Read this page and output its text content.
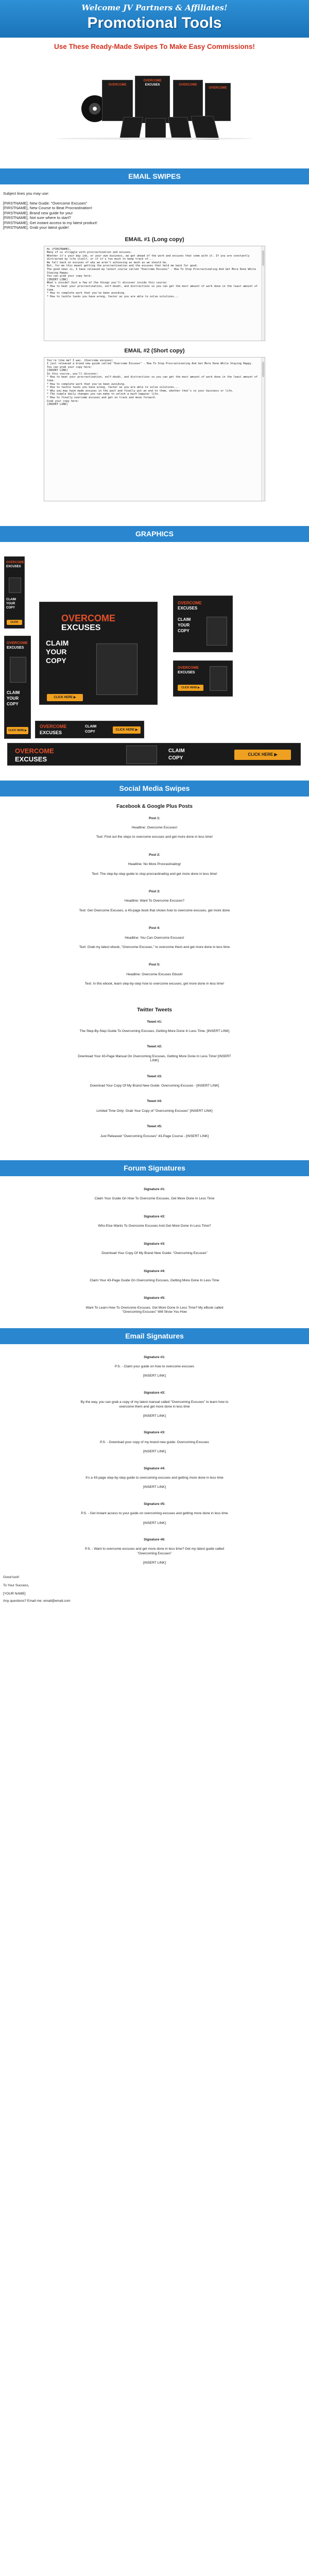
Welcome JV Partners & Affiliates!
Promotional Tools
Use These Ready-Made Swipes To Make Easy Commissions!
OVERCOME
OVERCOME
EXCUSES	OVERCOME
OVERCOME
EMAIL SWIPES
Subject lines you may use:
[FIRSTNAME], New Guide: "Overcome Excuses"
[FIRSTNAME], New Course to Beat Procrastination!
[FIRSTNAME], Brand new guide for you!
[FIRSTNAME], Not sure where to start?
[FIRSTNAME], Get instant access to my latest product!
[FIRSTNAME], Grab your latest guide!
EMAIL #1 (Long copy)
Hi [FIRSTNAME],
Many of us struggle with procrastination and excuses.
Whether it's your day job, or your own business, we get ahead of the work and excuses that come with it. If you are constantly distracted by life itself, or if it's too much to keep track of...
We fall back on excuses of why we aren't achieving as much as we should be.
But, for me this meant getting the procrastination and the excuses that held me back for good.
The good news is, I have released my latest course called "Overcome Excuses" - How To Stop Procrastinating And Get More Done While Staying Happy.
You can grab your copy here:
[INSERT LINK]
What's inside? Just a few of the things you'll discover inside this course:
* How to beat your procrastination, self-doubt, and distractions so you can get the most amount of work done in the least amount of time.
* How to complete work that you've been avoiding.
* How to tackle tasks you have wrong, faster as you are able to solve solutions...
EMAIL #2 (Short copy)
You're like me? I was. (Overcome excuses)
I just released a brand new guide called "Overcome Excuses" - How To Stop Procrastinating And Get More Done While Staying Happy.
You can grab your copy here:
[INSERT LINK]
In this course, you'll discover:
* How to beat your procrastination, self-doubt, and distractions so you can get the most amount of work done in the least amount of time.
* How to complete work that you've been avoiding.
* How to tackle tasks you have wrong, faster as you are able to solve solutions...
* Why you may have made excuses in the past and finally put an end to them, whether that's in your business or life.
* The simple daily changes you can make to unlock a much happier life.
* How to finally overcome excuses and get on track and move forward.
Grab your copy here:
[INSERT LINK]
GRAPHICS
OVERCOME
EXCUSES
CLAIM
YOUR
COPY
CLICK HERE ▶
OVERCOME
EXCUSES
CLAIM
YOUR
COPY
CLICK HERE ▶
OVERCOME
EXCUSES
CLAIM
YOUR
COPY
CLICK HERE ▶
OVERCOME
EXCUSES
CLAIM
YOUR
COPY
OVERCOME
EXCUSES
CLICK HERE ▶
OVERCOME
EXCUSES
CLAIM
COPY	CLICK HERE ▶
OVERCOME
EXCUSES
CLAIM
COPY
CLICK HERE ▶
Social Media Swipes
Facebook & Google Plus Posts
Post 1:
Headline: Overcome Excuses!
Text: Find out the steps to overcome excuses and get more done in less time!
Post 2:
Headline: No More Procrastinating!
Text: The step-by-step guide to stop procrastinating and get more done in less time!
Post 3:
Headline: Want To Overcome Excuses?
Text: Get Overcome Excuses, a 43-page book that shows how to overcome excuses, get more done
Post 4:
Headline: You Can Overcome Excuses!
Text: Grab my latest ebook, "Overcome Excuses," to overcome them and get more done in less time
Post 5:
Headline: Overcome Excuses Ebook!
Text: In this ebook, learn step-by-step how to overcome excuses, get more done in less time!
Twitter Tweets
Tweet #1:
The Step-By-Step Guide To Overcoming Excuses, Getting More Done In Less Time. [INSERT LINK]
Tweet #2:
Download Your 43-Page Manual On Overcoming Excuses, Getting More Done In Less Time! [INSERT LINK]
Tweet #3:
Download Your Copy Of My Brand New Guide: Overcoming Excuses - [INSERT LINK]
Tweet #4:
Limited Time Only: Grab Your Copy of "Overcoming Excuses" [INSERT LINK]
Tweet #5:
Just Released "Overcoming Excuses" 43-Page Course - [INSERT LINK]
Forum Signatures
Signature #1:
Claim Your Guide On How To Overcome Excuses, Get More Done In Less Time
Signature #2:
Who Else Wants To Overcome Excuses And Get More Done In Less Time?
Signature #3:
Download Your Copy Of My Brand New Guide: "Overcoming Excuses"
Signature #4:
Claim Your 43-Page Guide On Overcoming Excuses, Getting More Done In Less Time
Signature #5:
Want To Learn How To Overcome Excuses, Get More Done In Less Time? My eBook called "Overcoming Excuses" Will Show You How
Email Signatures
Signature #1:
P.S. - Claim your guide on how to overcome excuses
[INSERT LINK]
Signature #2:
By the way, you can grab a copy of my latest manual called "Overcoming Excuses" to learn how to overcome them and get more done in less time
[INSERT LINK]
Signature #3:
P.S. - Download your copy of my brand new guide: Overcoming Excuses
[INSERT LINK]
Signature #4:
It's a 43-page step-by-step guide to overcoming excuses and getting more done in less time
[INSERT LINK]
Signature #5:
P.S. - Get instant access to your guide on overcoming excuses and getting more done in less time
[INSERT LINK]
Signature #6:
P.S. - Want to overcome excuses and get more done in less time? Get my latest guide called "Overcoming Excuses"
[INSERT LINK]
Good luck!
To Your Success,
[YOUR NAME]
Any questions? Email me: email@email.com
